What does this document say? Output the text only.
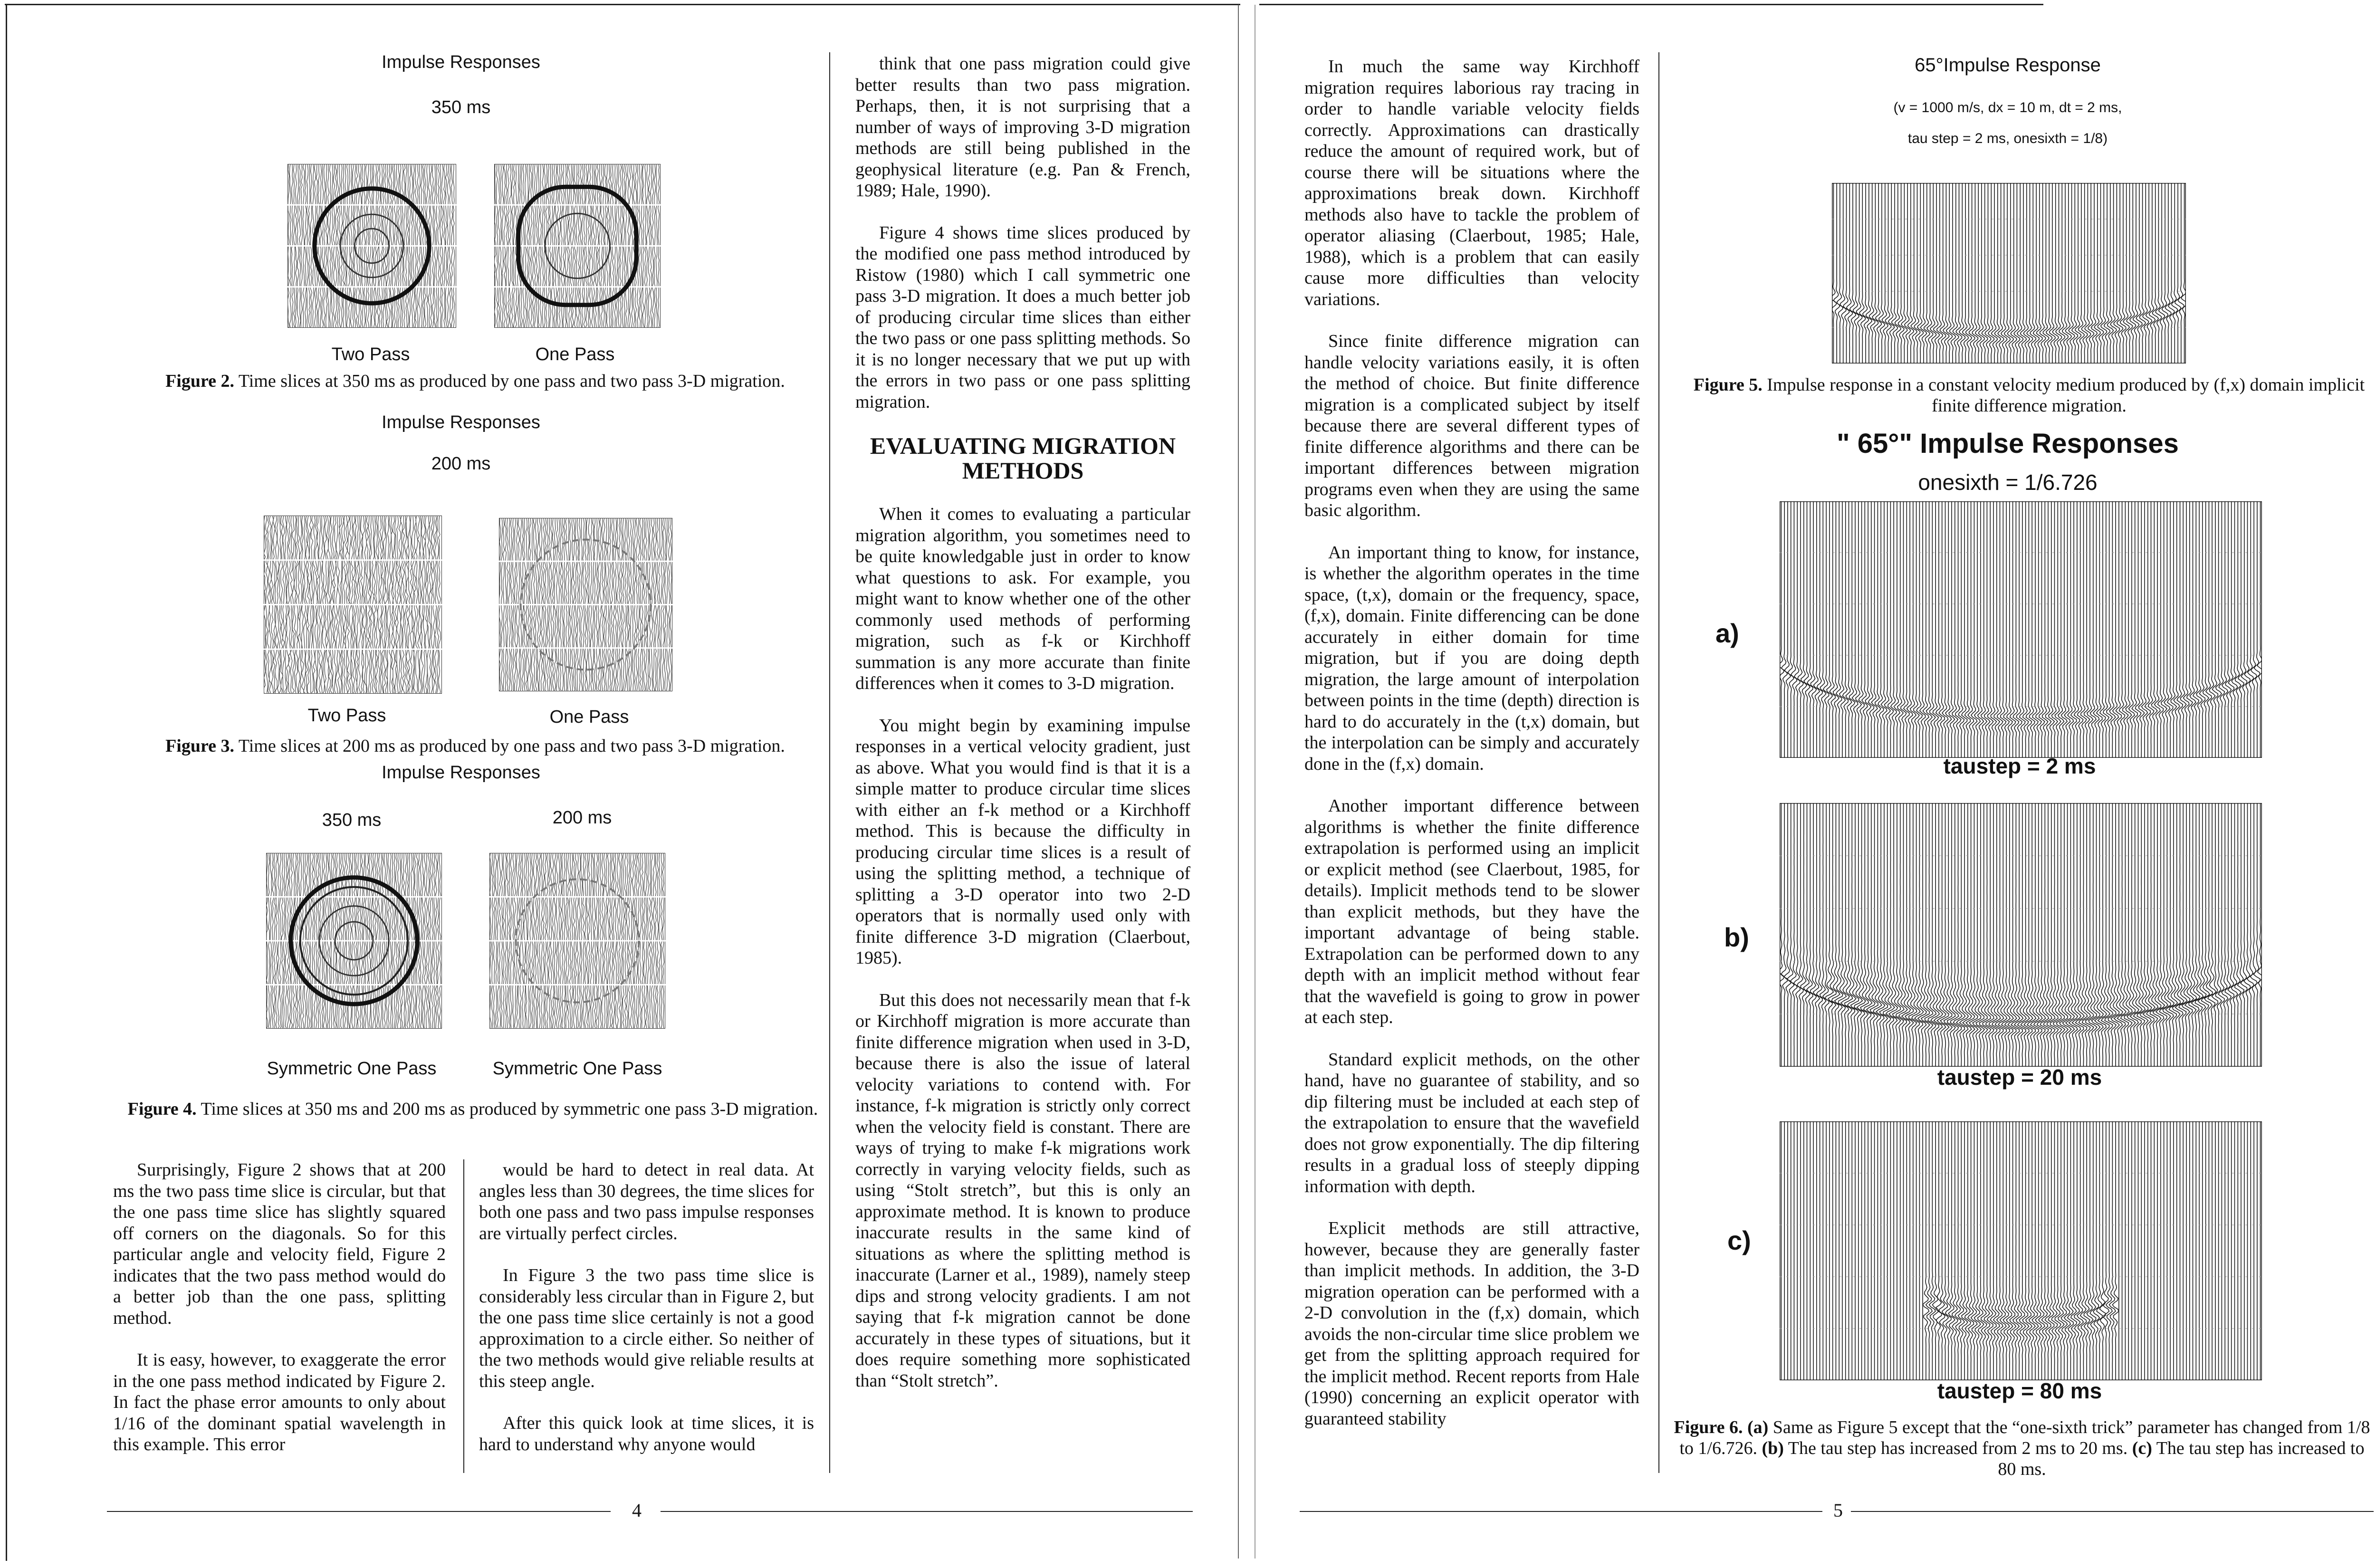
Impulse Responses
350 ms
Two Pass	One Pass
Figure 2. Time slices at 350 ms as produced by one pass and two pass 3-D migration.
Impulse Responses
200 ms
Two Pass	One Pass
Figure 3. Time slices at 200 ms as produced by one pass and two pass 3-D migration.
Impulse Responses
350 ms	200 ms
Symmetric One Pass	Symmetric One Pass
Figure 4. Time slices at 350 ms and 200 ms as produced by symmetric one pass 3-D migration.

Surprisingly, Figure 2 shows that at 200 ms the two pass time slice is circular, but that the one pass time slice has slightly squared off corners on the diagonals. So for this particular angle and velocity field, Figure 2 indicates that the two pass method would do a better job than the one pass, splitting method.

It is easy, however, to exaggerate the error in the one pass method indicated by Figure 2. In fact the phase error amounts to only about 1/16 of the dominant spatial wavelength in this example. This error

would be hard to detect in real data. At angles less than 30 degrees, the time slices for both one pass and two pass impulse responses are virtually perfect circles.

In Figure 3 the two pass time slice is considerably less circular than in Figure 2, but the one pass time slice certainly is not a good approximation to a circle either. So neither of the two methods would give reliable results at this steep angle.

After this quick look at time slices, it is hard to understand why anyone would

think that one pass migration could give better results than two pass migration. Perhaps, then, it is not surprising that a number of ways of improving 3-D migration methods are still being published in the geophysical literature (e.g. Pan & French, 1989; Hale, 1990).

Figure 4 shows time slices produced by the modified one pass method introduced by Ristow (1980) which I call symmetric one pass 3-D migration. It does a much better job of producing circular time slices than either the two pass or one pass splitting methods. So it is no longer necessary that we put up with the errors in two pass or one pass splitting migration.

EVALUATING MIGRATION METHODS

When it comes to evaluating a particular migration algorithm, you sometimes need to be quite knowledgable just in order to know what questions to ask. For example, you might want to know whether one of the other commonly used methods of performing migration, such as f-k or Kirchhoff summation is any more accurate than finite differences when it comes to 3-D migration.

You might begin by examining impulse responses in a vertical velocity gradient, just as above. What you would find is that it is a simple matter to produce circular time slices with either an f-k method or a Kirchhoff method. This is because the difficulty in producing circular time slices is a result of using the splitting method, a technique of splitting a 3-D operator into two 2-D operators that is normally used only with finite difference 3-D migration (Claerbout, 1985).

But this does not necessarily mean that f-k or Kirchhoff migration is more accurate than finite difference migration when used in 3-D, because there is also the issue of lateral velocity variations to contend with. For instance, f-k migration is strictly only correct when the velocity field is constant. There are ways of trying to make f-k migrations work correctly in varying velocity fields, such as using “Stolt stretch”, but this is only an approximate method. It is known to produce inaccurate results in the same kind of situations as where the splitting method is inaccurate (Larner et al., 1989), namely steep dips and strong velocity gradients. I am not saying that f-k migration cannot be done accurately in these types of situations, but it does require something more sophisticated than “Stolt stretch”.

4

In much the same way Kirchhoff migration requires laborious ray tracing in order to handle variable velocity fields correctly. Approximations can drastically reduce the amount of required work, but of course there will be situations where the approximations break down. Kirchhoff methods also have to tackle the problem of operator aliasing (Claerbout, 1985; Hale, 1988), which is a problem that can easily cause more difficulties than velocity variations.

Since finite difference migration can handle velocity variations easily, it is often the method of choice. But finite difference migration is a complicated subject by itself because there are several different types of finite difference algorithms and there can be important differences between migration programs even when they are using the same basic algorithm.

An important thing to know, for instance, is whether the algorithm operates in the time space, (t,x), domain or the frequency, space, (f,x), domain. Finite differencing can be done accurately in either domain for time migration, but if you are doing depth migration, the large amount of interpolation between points in the time (depth) direction is hard to do accurately in the (t,x) domain, but the interpolation can be simply and accurately done in the (f,x) domain.

Another important difference between algorithms is whether the finite difference extrapolation is performed using an implicit or explicit method (see Claerbout, 1985, for details). Implicit methods tend to be slower than explicit methods, but they have the important advantage of being stable. Extrapolation can be performed down to any depth with an implicit method without fear that the wavefield is going to grow in power at each step.

Standard explicit methods, on the other hand, have no guarantee of stability, and so dip filtering must be included at each step of the extrapolation to ensure that the wavefield does not grow exponentially. The dip filtering results in a gradual loss of steeply dipping information with depth.

Explicit methods are still attractive, however, because they are generally faster than implicit methods. In addition, the 3-D migration operation can be performed with a 2-D convolution in the (f,x) domain, which avoids the non-circular time slice problem we get from the splitting approach required for the implicit method. Recent reports from Hale (1990) concerning an explicit operator with guaranteed stability

65°Impulse Response
(v = 1000 m/s, dx = 10 m, dt = 2 ms,
tau step = 2 ms, onesixth = 1/8)
Figure 5. Impulse response in a constant velocity medium produced by (f,x) domain implicit finite difference migration.
" 65°" Impulse Responses
onesixth = 1/6.726
a)
taustep = 2 ms
b)
taustep = 20 ms
c)
taustep = 80 ms
Figure 6. (a) Same as Figure 5 except that the “one-sixth trick” parameter has changed from 1/8 to 1/6.726. (b) The tau step has increased from 2 ms to 20 ms. (c) The tau step has increased to 80 ms.
5
